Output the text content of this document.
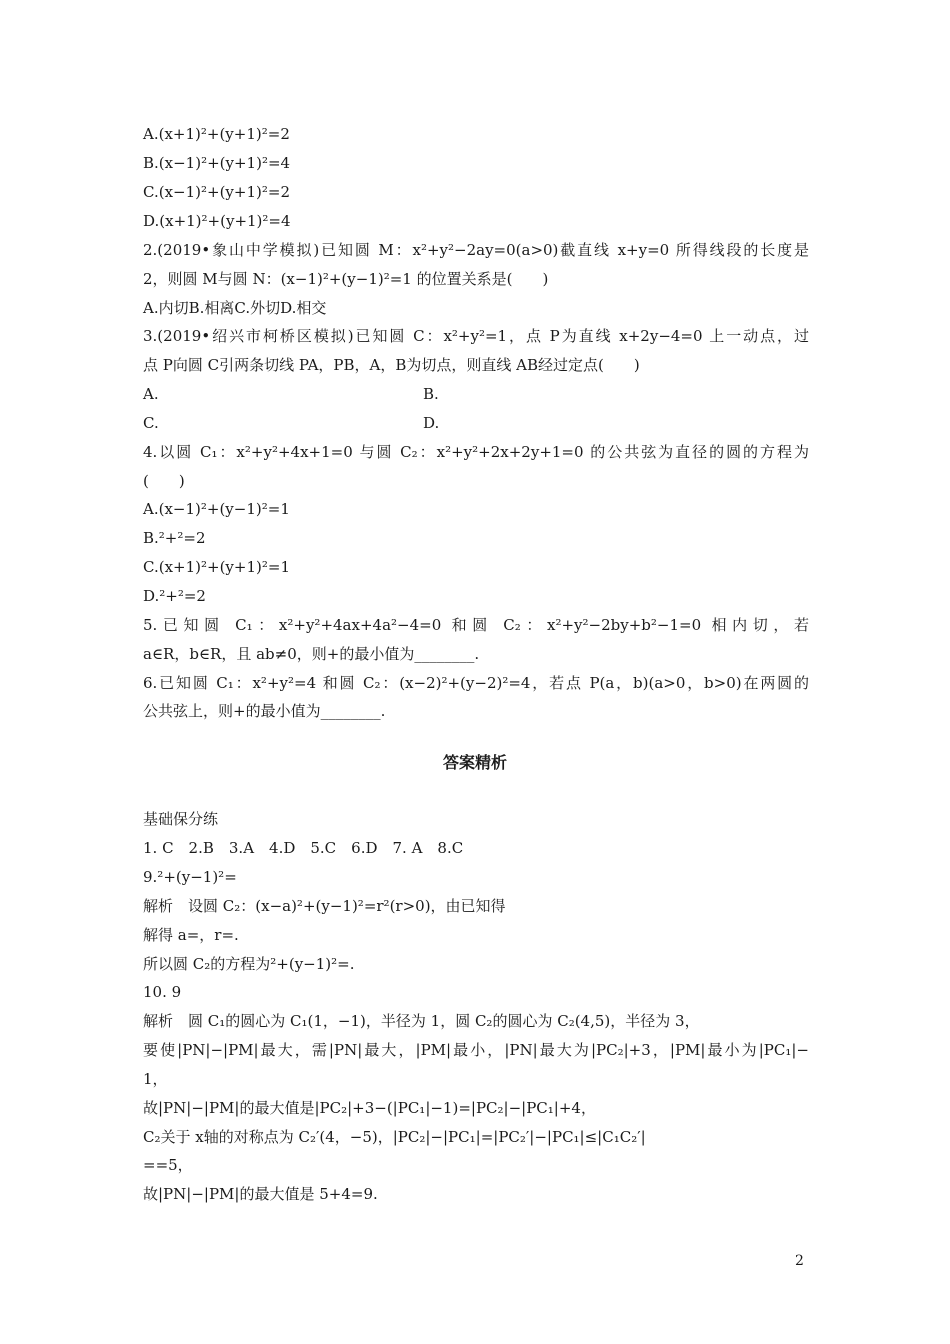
A.(x+1)²+(y+1)²=2

B.(x−1)²+(y+1)²=4

C.(x−1)²+(y+1)²=2

D.(x+1)²+(y+1)²=4

2.(2019•象山中学模拟)已知圆 M：x²+y²−2ay=0(a>0)截直线 x+y=0 所得线段的长度是

2，则圆 M与圆 N：(x−1)²+(y−1)²=1 的位置关系是(　　)

A.内切B.相离C.外切D.相交

3.(2019•绍兴市柯桥区模拟)已知圆 C：x²+y²=1，点 P为直线 x+2y−4=0 上一动点，过

点 P向圆 C引两条切线 PA，PB，A，B为切点，则直线 AB经过定点(　　)

A.	B.

C.	D.

4.以圆 C₁：x²+y²+4x+1=0 与圆 C₂：x²+y²+2x+2y+1=0 的公共弦为直径的圆的方程为

(　　)

A.(x−1)²+(y−1)²=1

B.²+²=2

C.(x+1)²+(y+1)²=1

D.²+²=2

5.已知圆 C₁：x²+y²+4ax+4a²−4=0 和圆 C₂：x²+y²−2by+b²−1=0 相内切，若

a∈R，b∈R，且 ab≠0，则+的最小值为________.

6.已知圆 C₁：x²+y²=4 和圆 C₂：(x−2)²+(y−2)²=4，若点 P(a，b)(a>0，b>0)在两圆的

公共弦上，则+的最小值为________.

答案精析

基础保分练

1. C　2.B　3.A　4.D　5.C　6.D　7. A　8.C

9.²+(y−1)²=

解析　设圆 C₂：(x−a)²+(y−1)²=r²(r>0)，由已知得

解得 a=，r=.

所以圆 C₂的方程为²+(y−1)²=.

10. 9

解析　圆 C₁的圆心为 C₁(1，−1)，半径为 1，圆 C₂的圆心为 C₂(4,5)，半径为 3，

要使|PN|−|PM|最大，需|PN|最大，|PM|最小，|PN|最大为|PC₂|+3，|PM|最小为|PC₁|−

1，

故|PN|−|PM|的最大值是|PC₂|+3−(|PC₁|−1)=|PC₂|−|PC₁|+4，

C₂关于 x轴的对称点为 C₂′(4，−5)，|PC₂|−|PC₁|=|PC₂′|−|PC₁|≤|C₁C₂′|

==5，

故|PN|−|PM|的最大值是 5+4=9.

2
